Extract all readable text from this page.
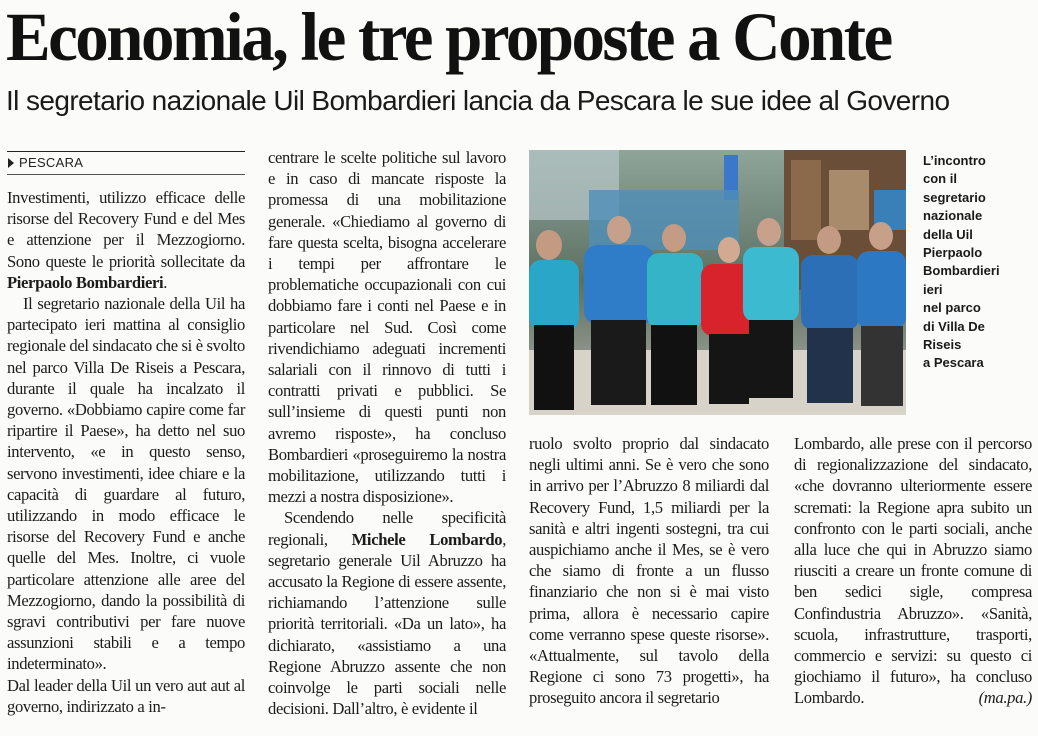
Economia, le tre proposte a Conte
Il segretario nazionale Uil Bombardieri lancia da Pescara le sue idee al Governo
PESCARA

Investimenti, utilizzo efficace delle risorse del Recovery Fund e del Mes e attenzione per il Mezzogiorno. Sono queste le priorità sollecitate da Pierpaolo Bombardieri.

Il segretario nazionale della Uil ha partecipato ieri mattina al consiglio regionale del sindacato che si è svolto nel parco Villa De Riseis a Pescara, durante il quale ha incalzato il governo. «Dobbiamo capire come far ripartire il Paese», ha detto nel suo intervento, «e in questo senso, servono investimenti, idee chiare e la capacità di guardare al futuro, utilizzando in modo efficace le risorse del Recovery Fund e anche quelle del Mes. Inoltre, ci vuole particolare attenzione alle aree del Mezzogiorno, dando la possibilità di sgravi contributivi per fare nuove assunzioni stabili e a tempo indeterminato».

Dal leader della Uil un vero aut aut al governo, indirizzato a in-

centrare le scelte politiche sul lavoro e in caso di mancate risposte la promessa di una mobilitazione generale. «Chiediamo al governo di fare questa scelta, bisogna accelerare i tempi per affrontare le problematiche occupazionali con cui dobbiamo fare i conti nel Paese e in particolare nel Sud. Così come rivendichiamo adeguati incrementi salariali con il rinnovo di tutti i contratti privati e pubblici. Se sull’insieme di questi punti non avremo risposte», ha concluso Bombardieri «proseguiremo la nostra mobilitazione, utilizzando tutti i mezzi a nostra disposizione».

Scendendo nelle specificità regionali, Michele Lombardo, segretario generale Uil Abruzzo ha accusato la Regione di essere assente, richiamando l’attenzione sulle priorità territoriali. «Da un lato», ha dichiarato, «assistiamo a una Regione Abruzzo assente che non coinvolge le parti sociali nelle decisioni. Dall’altro, è evidente il

L’incontro
con il
segretario
nazionale
della Uil
Pierpaolo
Bombardieri
ieri
nel parco
di Villa De
Riseis
a Pescara

ruolo svolto proprio dal sindacato negli ultimi anni. Se è vero che sono in arrivo per l’Abruzzo 8 miliardi dal Recovery Fund, 1,5 miliardi per la sanità e altri ingenti sostegni, tra cui auspichiamo anche il Mes, se è vero che siamo di fronte a un flusso finanziario che non si è mai visto prima, allora è necessario capire come verranno spese queste risorse». «Attualmente, sul tavolo della Regione ci sono 73 progetti», ha proseguito ancora il segretario

Lombardo, alle prese con il percorso di regionalizzazione del sindacato, «che dovranno ulteriormente essere scremati: la Regione apra subito un confronto con le parti sociali, anche alla luce che qui in Abruzzo siamo riusciti a creare un fronte comune di ben sedici sigle, compresa Confindustria Abruzzo». «Sanità, scuola, infrastrutture, trasporti, commercio e servizi: su questo ci giochiamo il futuro», ha concluso Lombardo.	(ma.pa.)
